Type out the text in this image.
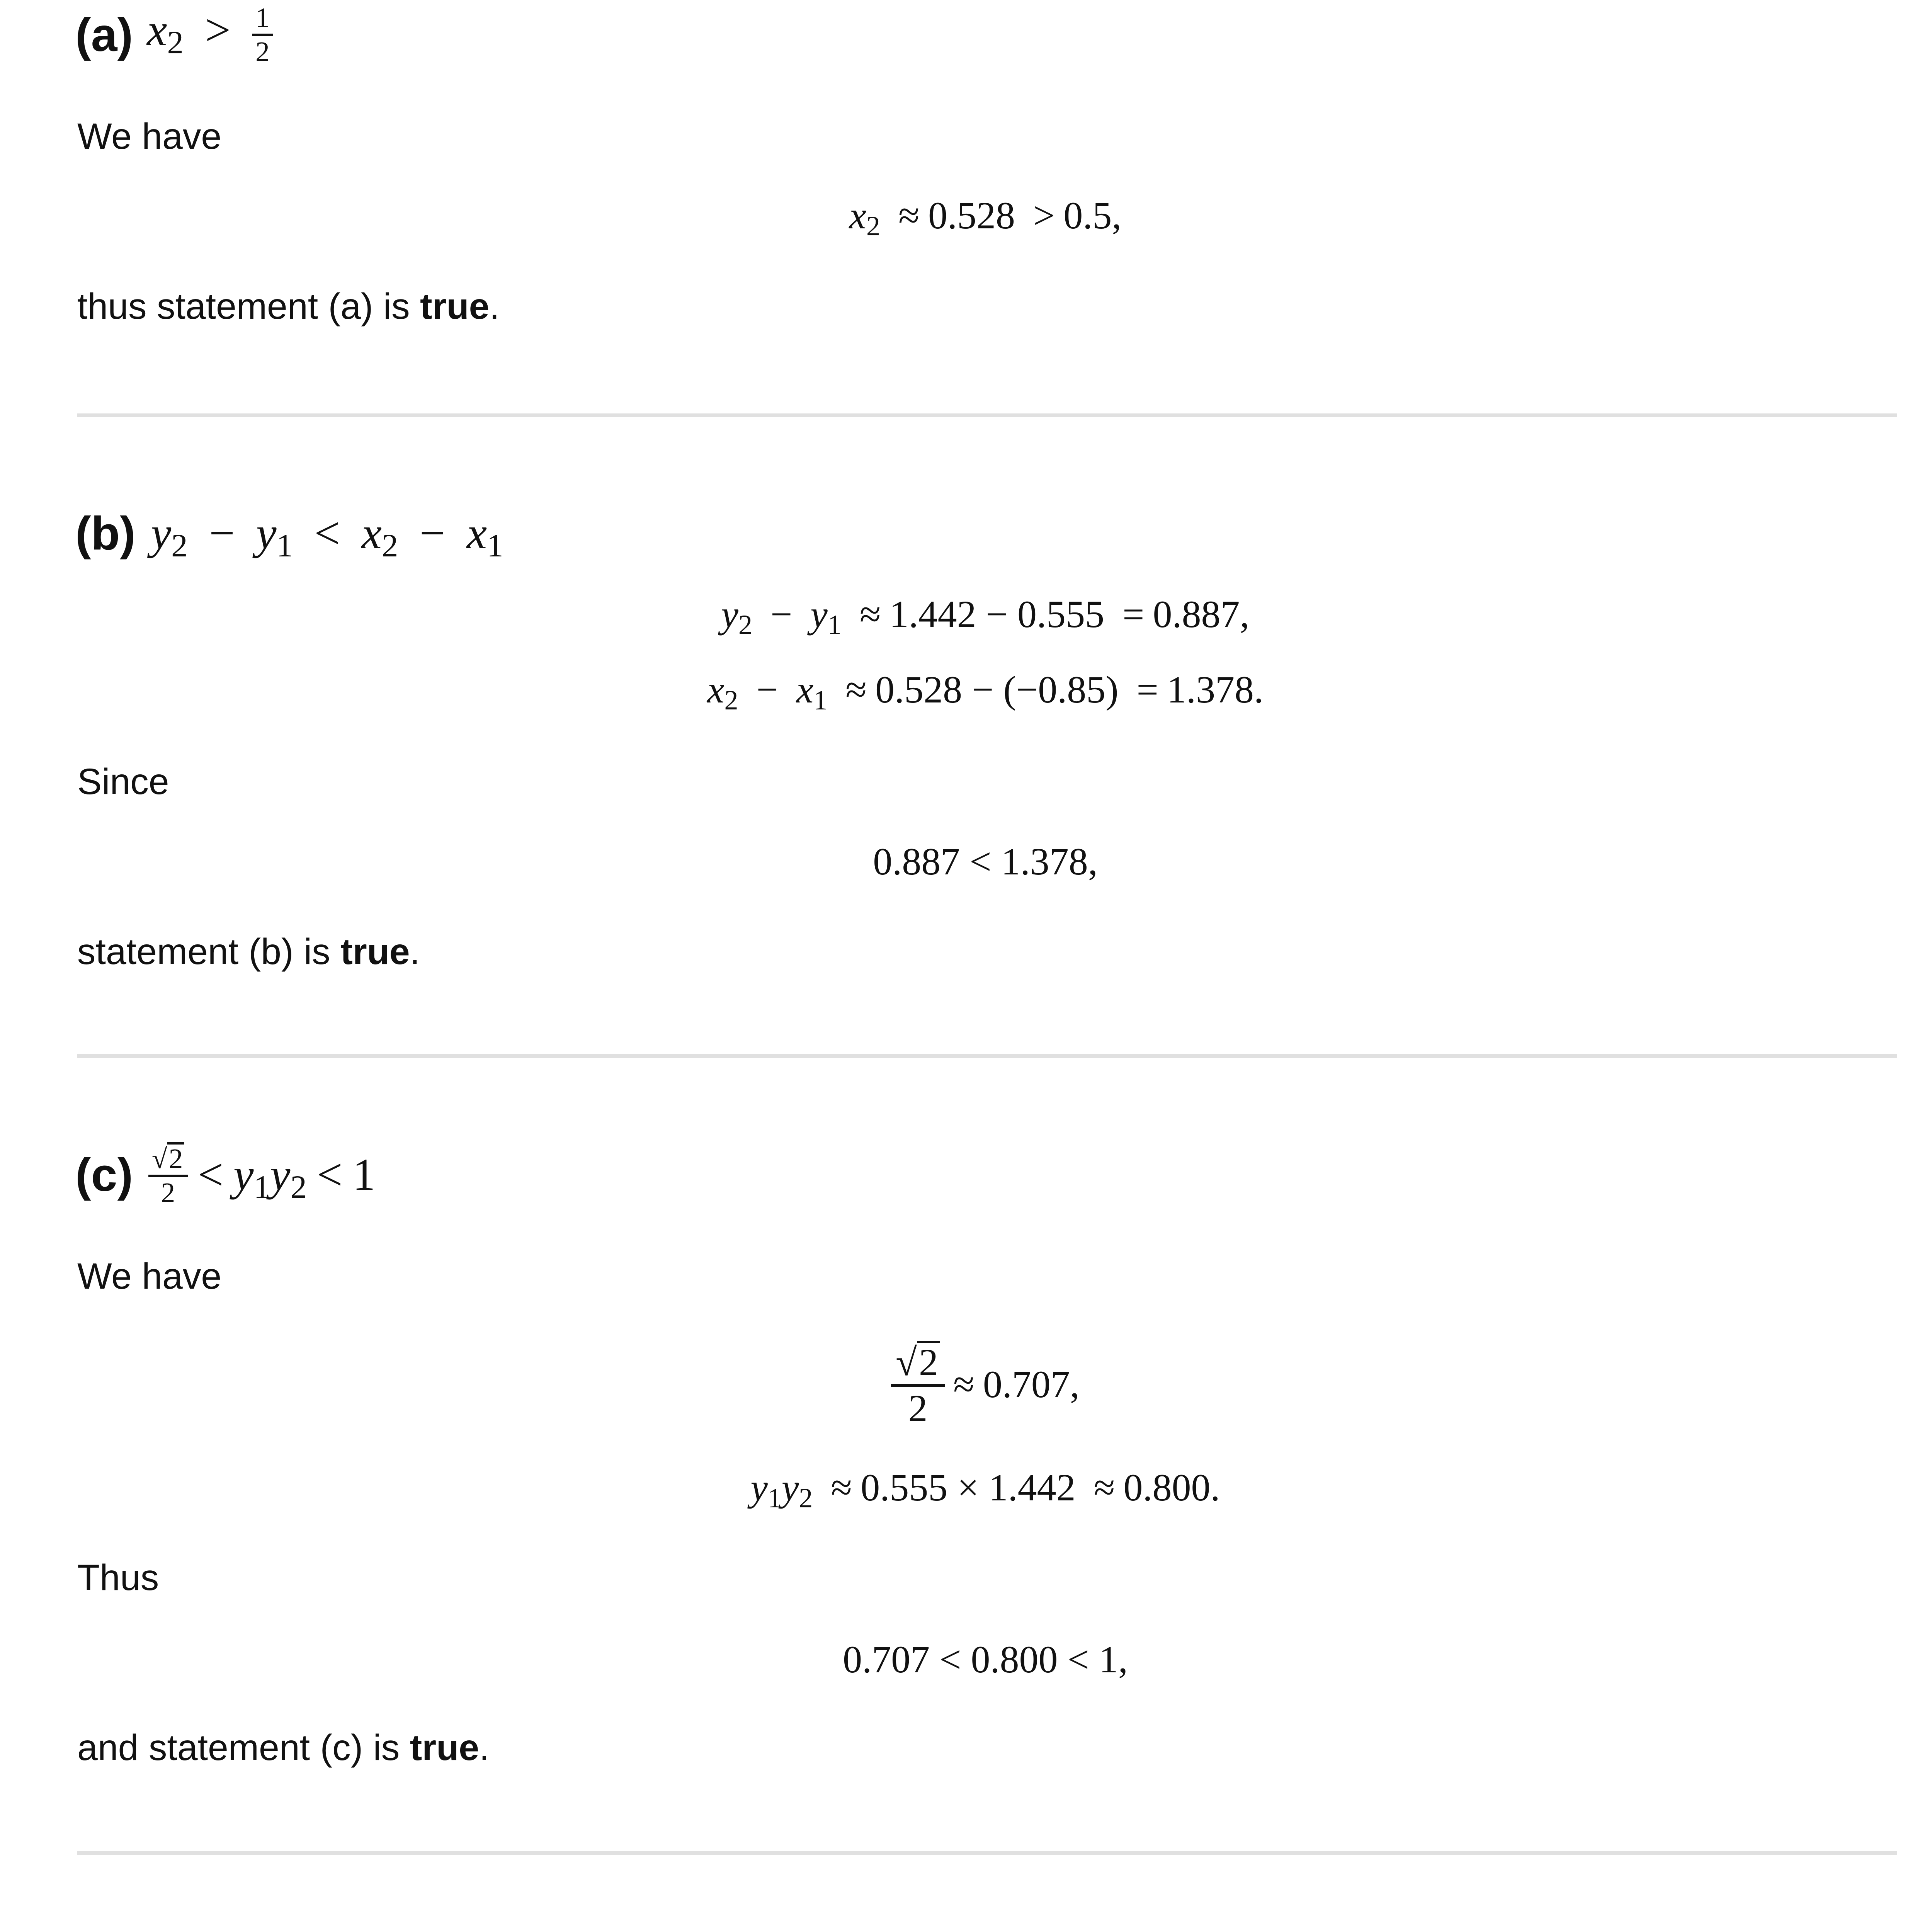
(a) $x_2 > \frac{1}{2}$
We have
$x_2 \approx 0.528 > 0.5$,
thus statement (a) is true.
(b) $y_2 - y_1 < x_2 - x_1$
$y_2 - y_1 \approx 1.442 - 0.555 = 0.887$,
$x_2 - x_1 \approx 0.528 - (-0.85) = 1.378$.
Since
0.887 < 1.378,
statement (b) is true.
$(c) \frac{√2}{2} < y_1y_2 < 1$
We have
$\frac{√2}{2} \approx 0.707$,
$y_1y_2 \approx 0.555 \times 1.442 \approx 0.800$.
Thus
0.707 < 0.800 < 1,
and statement (c) is true.
